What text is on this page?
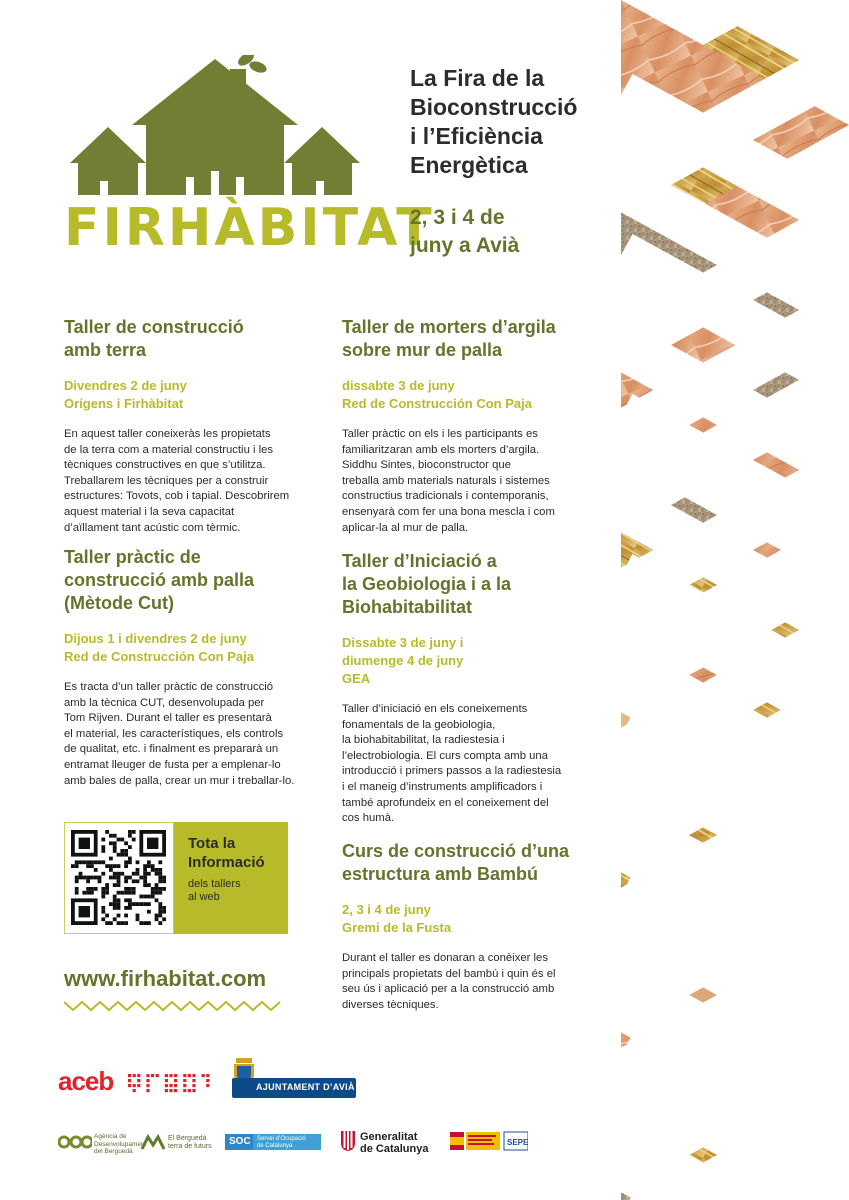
FIRHÀBITAT
La Fira de la
Bioconstrucció
i l’Eficiència
Energètica
2, 3 i 4 de
juny a Avià
Taller de construcció
amb terra
Divendres 2 de juny
Orígens i Firhàbitat
En aquest taller coneixeràs les propietats
de la terra com a material constructiu i les
tècniques constructives en que s’utilitza.
Treballarem les tècniques per a construir
estructures: Tovots, cob i tapial. Descobrirem
aquest material i la seva capacitat
d’aïllament tant acústic com tèrmic.
Taller pràctic de
construcció amb palla
(Mètode Cut)
Dijous 1 i divendres 2 de juny
Red de Construcción Con Paja
Es tracta d’un taller pràctic de construcció
amb la tècnica CUT, desenvolupada per
Tom Rijven. Durant el taller es presentarà
el material, les característiques, els controls
de qualitat, etc. i finalment es prepararà un
entramat lleuger de fusta per a emplenar-lo
amb bales de palla, crear un mur i treballar-lo.
Taller de morters d’argila
sobre mur de palla
dissabte 3 de juny
Red de Construcción Con Paja
Taller pràctic on els i les participants es
familiaritzaran amb els morters d’argila.
Siddhu Sintes, bioconstructor que
treballa amb materials naturals i sistemes
constructius tradicionals i contemporanis,
ensenyarà com fer una bona mescla i com
aplicar-la al mur de palla.
Taller d’Iniciació a
la Geobiologia i a la
Biohabitabilitat
Dissabte 3 de juny i
diumenge 4 de juny
GEA
Taller d’iniciació en els coneixements
fonamentals de la geobiologia,
la biohabitabilitat, la radiestesia i
l’electrobiologia. El curs compta amb una
introducció i primers passos a la radiestesia
i el maneig d’instruments amplificadors i
també aprofundeix en el coneixement del
cos humà.
Curs de construcció d’una
estructura amb Bambú
2, 3 i 4 de juny
Gremi de la Fusta
Durant el taller es donaran a conèixer les
principals propietats del bambú i quin és el
seu ús i aplicació per a la construcció amb
diverses tècniques.
Tota la
Informació
dels tallers
al web
www.firhabitat.com
aceb	AJUNTAMENT D’AVIÀ
Agència de
Desenvolupament
del Berguedà
El Berguedà
terra de futurs SOC Servei d’Ocupació
de Catalunya
Generalitat
de Catalunya
SEPE
